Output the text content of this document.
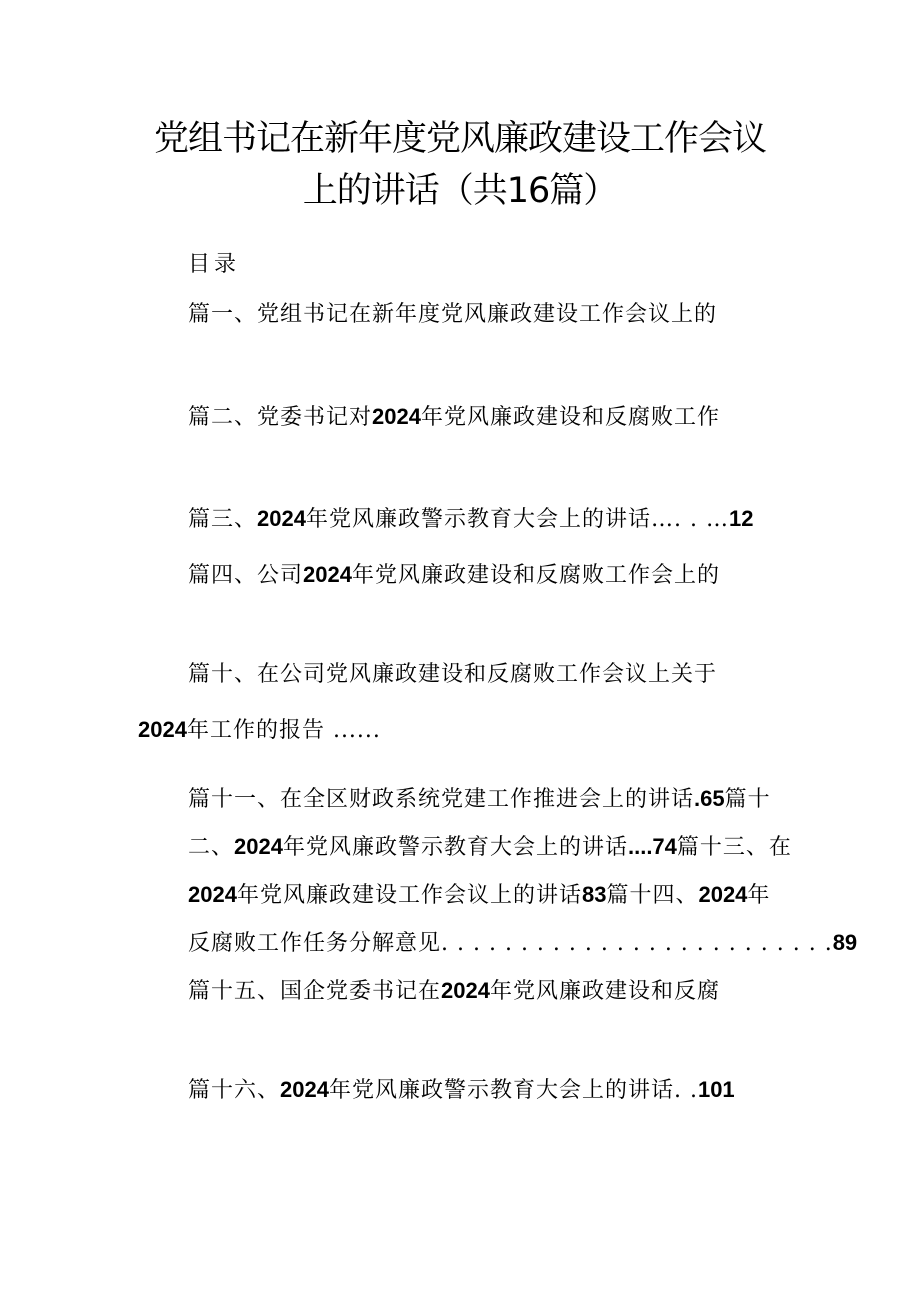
党组书记在新年度党风廉政建设工作会议
上的讲话（共16篇）
目录
篇一、党组书记在新年度党风廉政建设工作会议上的
篇二、党委书记对2024年党风廉政建设和反腐败工作
篇三、2024年党风廉政警示教育大会上的讲话…. . …12
篇四、公司2024年党风廉政建设和反腐败工作会上的
篇十、在公司党风廉政建设和反腐败工作会议上关于
2024年工作的报告 ......
篇十一、在全区财政系统党建工作推进会上的讲话.65篇十
二、2024年党风廉政警示教育大会上的讲话....74篇十三、在
2024年党风廉政建设工作会议上的讲话83篇十四、2024年
反腐败工作任务分解意见. . . . . . . . . . . . . . . . . . . . . . . . .89
篇十五、国企党委书记在2024年党风廉政建设和反腐
篇十六、2024年党风廉政警示教育大会上的讲话. .101
